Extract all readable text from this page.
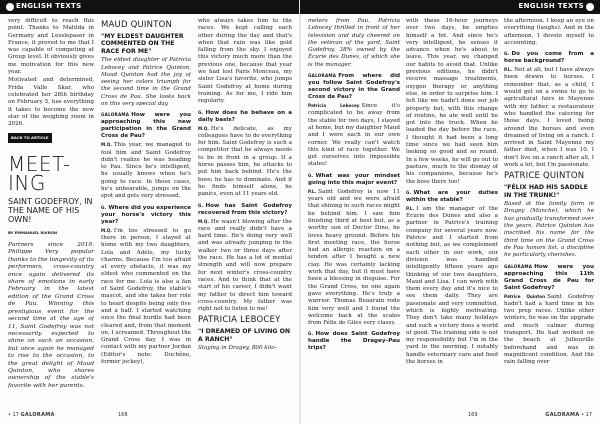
ENGLISH TEXTS

very difficult to reach this point. Thanks to Matilda in Germany and Lesslepaser in France, it proved to me that I was capable of competing at Group level. It obviously gives me motivation for this new year.

Motivated and determined, Frida Valle Skar, who celebrated her 28th birthday on February 5, has everything it takes to become the new star of the weighing room in 2026.

BACK TO ARTICLE
MEET-
ING
SAINT GODEFROY, IN THE NAME OF HIS OWN!
BY EMMANUEL RIVRON

Partners since 2019, Philippe Very popular thanks to the longevity of its performers, cross-country once again delivered its share of emotions in early February in the latest edition of the Grand Cross de Pau. Winning this prestigious event for the second time at the age of 11, Saint Godefroy was not necessarily expected to shine on such an occasion, but once again he managed to rise to the occasion, to the great delight of Maud Quinton, who shares ownership of the stable's favorite with her parents.

MAUD QUINTON
"MY ELDEST DAUGHTER COMMENTED ON THE RACE FOR ME"

The eldest daughter of Patricia Lebocey and Patrice Quinton, Maud Quinton had the joy of seeing her colors triumph for the second time in the Grand Cross de Pau. She looks back on this very special day.

GALORAMA How were you approaching this new participation in the Grand Cross de Pau?

M.Q. This year, we managed to fool him and Saint Godefroy didn't realize he was heading to Pau. Since he's intelligent, he usually knows when he's going to race. In those cases, he's unbearable, jumps on the spot and gets very stressed.

G. Where did you experience your horse's victory this year?

M.Q. I'm too stressed to go there in person, I stayed at home with my two daughters, Lola and Adèle, my lucky charms. Because I'm too afraid at every obstacle, it was my eldest who commented on the race for me. Lola is also a fan of Saint Godefroy, the stable's mascot, and she takes her role to heart despite being only five and a half. I started watching once the final hurdle had been cleared and, from that moment on, I screamed. Throughout the Grand Cross day, I was in contact with my partner Jordan (Editor's note: Duchêne, former jockey),

who always takes him to the races. We kept calling each other during the day and that's when that rain was like gold falling from the sky. I enjoyed this victory much more than the previous one, because that year we had lost Paris Monceau, my sister Lisa's favorite, who jumps Saint Godefroy at home during training. As for me, I ride him regularly.

G. How does he behave on a daily basis?

M.Q. He's delicate, as my colleagues have to do everything for him. Saint Godefroy is such a competitor that he always needs to be in front in a group. If a horse passes him, he attacks to put him back behind. He's the boss; he has to dominate. And if he finds himself alone, he panics, even at 11 years old.

G. How has Saint Godefroy recovered from this victory?

M.Q. He wasn't blowing after the race and really didn't have a hard time. He's doing very well and was already jumping in the walker two or three days after the race. He has a lot of mental strength and will now prepare for next winter's cross-country races. And to think that at the start of his career, I didn't want my father to direct him toward cross-country. My father was right not to listen to me!

PATRICIA LEBOCEY
"I DREAMED OF LIVING ON A RANCH"

Staying in Dragey, 800 kilo-

• 17 GALORAMA	168
ENGLISH TEXTS

meters from Pau, Patricia Lebocey thrilled in front of her television and duly cheered on the veteran of the yard, Saint Godefroy, 38% owned by the Écurie des Dunes, of which she is the manager.

GALORAMA From where did you follow Saint Godefroy's second victory in the Grand Cross de Pau?

Patricia Lebocey Since it's complicated to be away from the stable for two days, I stayed at home, but my daughter Maud and I were each in our own corner. We really can't watch this kind of race together. We get ourselves into impossible states!

G. What was your mindset going into this major event?

P.L. Saint Godefroy is now 11 years old and we were afraid that shining in such races might be behind him. I saw him finishing third at best but, as a worthy son of Doctor Dino, he loves heavy ground. Before his first meeting race, the horse had an allergic reaction on a tendon after I bought a new clay. He was certainly lacking work that day, but it must have been a blessing in disguise. For the Grand Cross, no one again gave everything. He's truly a warrior. Thomas Beaurain rode him very well and I found the welcome back at the scales from Félix de Giles very classy.

G. How does Saint Godefroy handle the Dragey–Pau trips?

with these 16-hour journeys over two days, he empties himself a bit. And since he's very intelligent, he senses it advance when he's about to leave. This year, we changed our habits to avoid that. Unlike previous editions, he didn't receive massage treatments, oxygen therapy or anything else, in order to surprise him. I felt like we hadn't done our job properly but, with this change of routine, he ate well until he got into the truck. When he loaded the day before the race, I thought it had been a long time since we had seen him looking so good and so round. In a few weeks, he will go out to pasture, much to the dismay of his companions, because he's the boss there too!

G. What are your duties within the stable?

P.L. I am the manager of the Écurie des Dunes and also a partner in Patrice's training company for several years now. Patrice and I started from nothing but, as we complement each other in our work, our division was handled intelligently fifteen years ago thinking of our two daughters, Maud and Lisa. I can work with them every day and it's nice to see them daily. They are passionate and very committed, which is highly motivating. They don't take many holidays and such a victory does a world of good. The training side is not my responsibility but I'm in the yard in the morning. I notably handle veterinary care and feed the horses in

the afternoon. I keep an eye on everything (laughs). And in the afternoon, I devote myself to accounting.

G. Do you come from a horse background?

P.L. Not at all, but I have always been drawn to horses. I remember that, as a child, I would get on a swine to go to agricultural fairs in Mayenne with my father, a restaurateur who handled the catering for those days. I loved being around the horses and even dreamed of living on a ranch. I arrived in Saint Mayenne my father died, when I was 10. I don't live on a ranch after all, I work a lot, but I'm passionate.

PATRICE QUINTON
"FÉLIX HAD HIS SADDLE IN THE TRUNK!"

Based at the family farm in Dragey (Manche), which he has gradually transformed over the years, Patrice Quinton has inscribed his name for the third time on the Grand Cross de Pau honors list, a discipline he particularly cherishes.

GALORAMA How were you approaching this 11th Grand Cross de Pau for Saint Godefroy?

Patrice Quinton Saint Godefroy hadn't had a hard time in his two prep races. Unlike other winters, he was on the upgrade and much calmer during transport. He had worked on the beach at Jullouville beforehand and was in magnificent condition. And the rain falling over

169	GALORAMA • 17
